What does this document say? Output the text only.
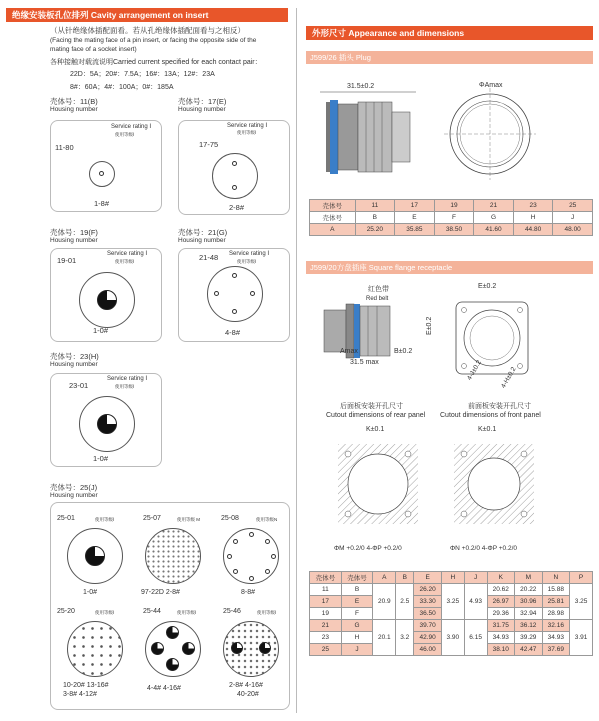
绝缘安装板孔位排列 Cavity arrangement on insert
（从针绝缘体插配面看。若从孔绝缘体插配面看与之相反）
(Facing the mating face of a pin insert, or facing the opposite side of the
mating face of a socket insert)
各种接触对载流说明Carried current specified for each contact pair：
22D：5A；20#：7.5A；16#：13A；12#：23A
8#：60A；4#：100A；0#：185A
壳体号：11(B)
Housing number
Service rating Ⅰ
使用等级Ⅰ
11-80
1-8#
壳体号：17(E)
Housing number
Service rating Ⅰ
使用等级Ⅰ
17-75
2-8#
壳体号：19(F)
Housing number
Service rating Ⅰ
使用等级Ⅰ
19-01
1-0#
壳体号：21(G)
Housing number
Service rating Ⅰ
使用等级Ⅰ
21-48
4-8#
壳体号：23(H)
Housing number
Service rating Ⅰ
使用等级Ⅰ
23-01
1-0#
壳体号：25(J)
Housing number
25-01	使用等级Ⅰ
1-0#
25-07	使用等级 M
97-22D 2-8#
25-08	使用等级N
8-8#
25-20	使用等级Ⅰ
10-20# 13-16#
3-8# 4-12#
25-44	使用等级Ⅰ
4-4# 4-16#
25-46	使用等级Ⅰ
2-8# 4-16#
40-20#
外形尺寸 Appearance and dimensions
J599/26 插头 Plug
31.5±0.2	ΦAmax
壳体号	11	17	19	21	23	25
壳体号	B	E	F	G	H	J
A	25.20	35.85	38.50	41.60	44.80	48.00
J599/20方盘插座 Square flange receptacle
红色带
Red belt
Amax	B±0.2
31.5 max
E±0.2
E±0.2
4-J±0.2	4-H±0.2
后面板安装开孔尺寸
Cutout dimensions of rear panel
前面板安装开孔尺寸
Cutout dimensions of front panel
K±0.1
ΦM +0.2/0 4-ΦP +0.2/0
K±0.1
ΦN +0.2/0 4-ΦP +0.2/0
壳体号	壳体号	A	B	E	H	J	K	M	N	P
11	B	20.9	2.5	26.20	3.25	4.93	20.62	20.22	15.88	3.25
17	E			33.30			26.97	30.96	25.81	
19	F			36.50			29.36	32.94	28.98	
21	G	20.1	3.2	39.70	3.90	6.15	31.75	36.12	32.16	3.91
23	H			42.90			34.93	39.29	34.93	
25	J			46.00			38.10	42.47	37.69	
